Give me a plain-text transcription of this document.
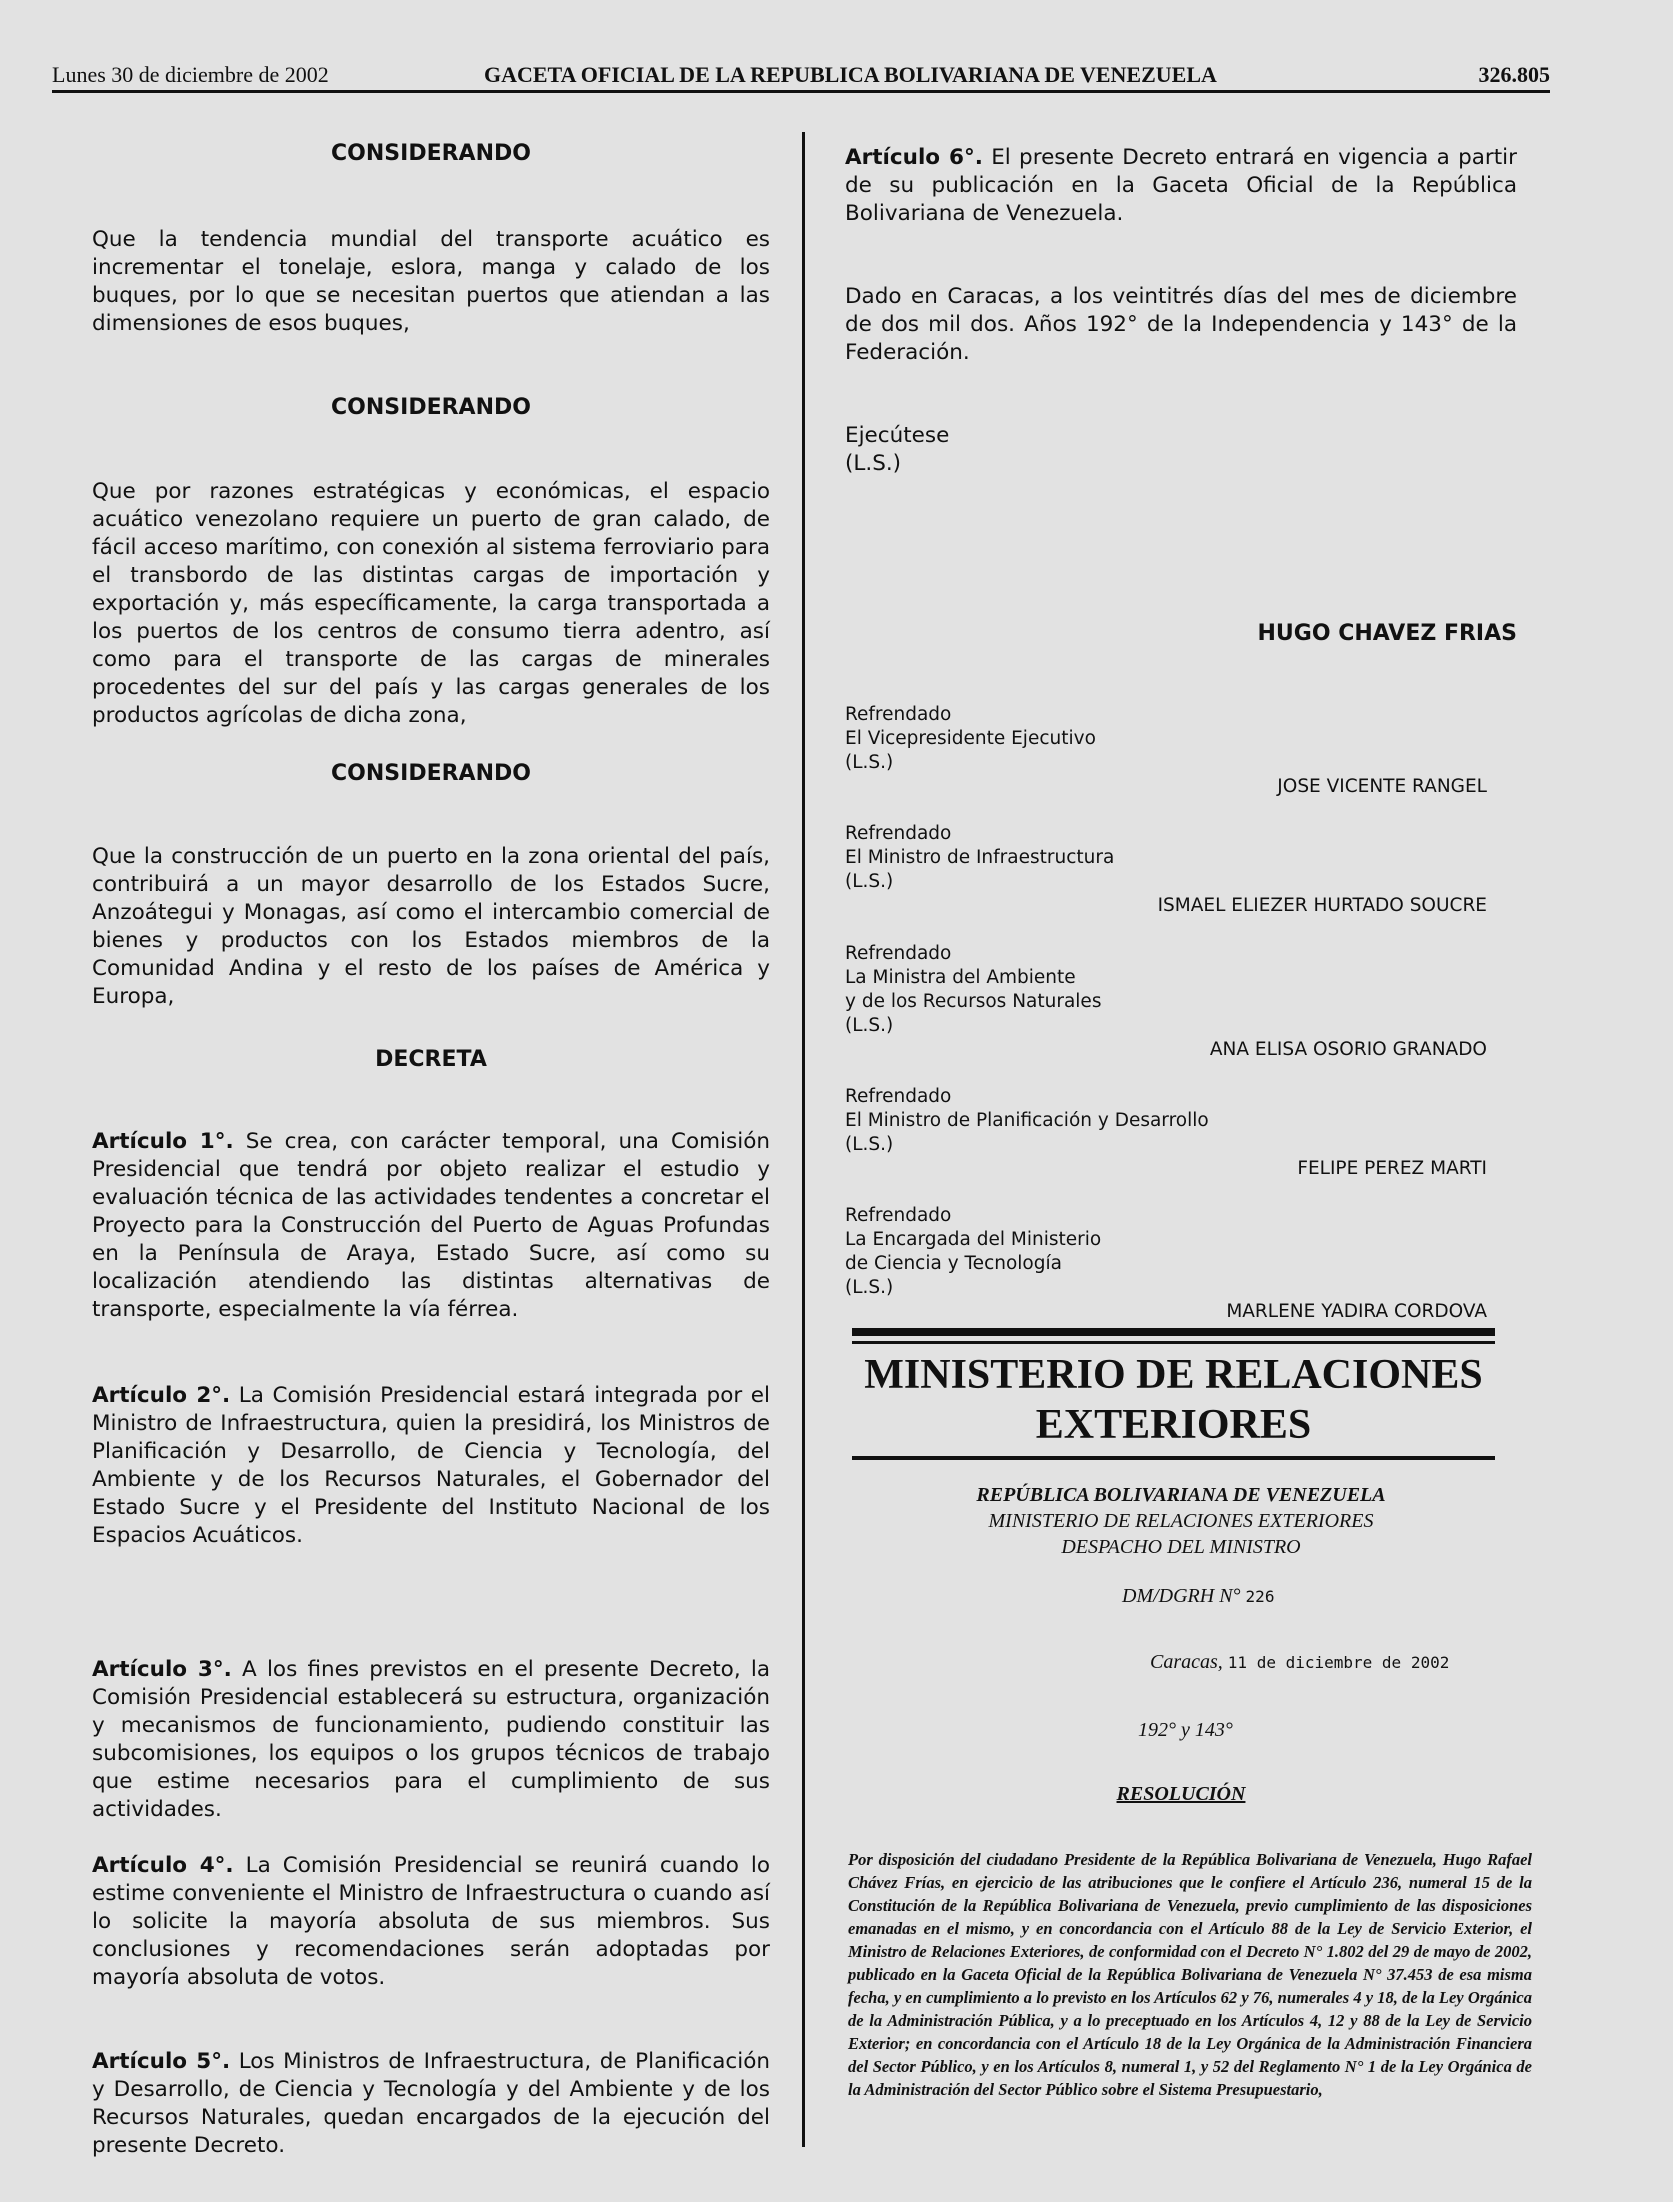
Lunes 30 de diciembre de 2002	GACETA OFICIAL DE LA REPUBLICA BOLIVARIANA DE VENEZUELA	326.805

CONSIDERANDO

Que la tendencia mundial del transporte acuático es incrementar el tonelaje, eslora, manga y calado de los buques, por lo que se necesitan puertos que atiendan a las dimensiones de esos buques,

CONSIDERANDO

Que por razones estratégicas y económicas, el espacio acuático venezolano requiere un puerto de gran calado, de fácil acceso marítimo, con conexión al sistema ferroviario para el transbordo de las distintas cargas de importación y exportación y, más específicamente, la carga transportada a los puertos de los centros de consumo tierra adentro, así como para el transporte de las cargas de minerales procedentes del sur del país y las cargas generales de los productos agrícolas de dicha zona,

CONSIDERANDO

Que la construcción de un puerto en la zona oriental del país, contribuirá a un mayor desarrollo de los Estados Sucre, Anzoátegui y Monagas, así como el intercambio comercial de bienes y productos con los Estados miembros de la Comunidad Andina y el resto de los países de América y Europa,

DECRETA

Artículo 1°. Se crea, con carácter temporal, una Comisión Presidencial que tendrá por objeto realizar el estudio y evaluación técnica de las actividades tendentes a concretar el Proyecto para la Construcción del Puerto de Aguas Profundas en la Península de Araya, Estado Sucre, así como su localización atendiendo las distintas alternativas de transporte, especialmente la vía férrea.

Artículo 2°. La Comisión Presidencial estará integrada por el Ministro de Infraestructura, quien la presidirá, los Ministros de Planificación y Desarrollo, de Ciencia y Tecnología, del Ambiente y de los Recursos Naturales, el Gobernador del Estado Sucre y el Presidente del Instituto Nacional de los Espacios Acuáticos.

Artículo 3°. A los fines previstos en el presente Decreto, la Comisión Presidencial establecerá su estructura, organización y mecanismos de funcionamiento, pudiendo constituir las subcomisiones, los equipos o los grupos técnicos de trabajo que estime necesarios para el cumplimiento de sus actividades.

Artículo 4°. La Comisión Presidencial se reunirá cuando lo estime conveniente el Ministro de Infraestructura o cuando así lo solicite la mayoría absoluta de sus miembros. Sus conclusiones y recomendaciones serán adoptadas por mayoría absoluta de votos.

Artículo 5°. Los Ministros de Infraestructura, de Planificación y Desarrollo, de Ciencia y Tecnología y del Ambiente y de los Recursos Naturales, quedan encargados de la ejecución del presente Decreto.

Artículo 6°. El presente Decreto entrará en vigencia a partir de su publicación en la Gaceta Oficial de la República Bolivariana de Venezuela.

Dado en Caracas, a los veintitrés días del mes de diciembre de dos mil dos. Años 192° de la Independencia y 143° de la Federación.

Ejecútese

(L.S.)

HUGO CHAVEZ FRIAS

Refrendado

El Vicepresidente Ejecutivo

(L.S.)

JOSE VICENTE RANGEL

Refrendado

El Ministro de Infraestructura

(L.S.)

ISMAEL ELIEZER HURTADO SOUCRE

Refrendado

La Ministra del Ambiente

y de los Recursos Naturales

(L.S.)

ANA ELISA OSORIO GRANADO

Refrendado

El Ministro de Planificación y Desarrollo

(L.S.)

FELIPE PEREZ MARTI

Refrendado

La Encargada del Ministerio

de Ciencia y Tecnología

(L.S.)

MARLENE YADIRA CORDOVA

MINISTERIO DE RELACIONES
EXTERIORES

REPÚBLICA BOLIVARIANA DE VENEZUELA

MINISTERIO DE RELACIONES EXTERIORES

DESPACHO DEL MINISTRO

DM/DGRH N° 226

Caracas, 11 de diciembre de 2002

192° y 143°

RESOLUCIÓN

Por disposición del ciudadano Presidente de la República Bolivariana de Venezuela, Hugo Rafael Chávez Frías, en ejercicio de las atribuciones que le confiere el Artículo 236, numeral 15 de la Constitución de la República Bolivariana de Venezuela, previo cumplimiento de las disposiciones emanadas en el mismo, y en concordancia con el Artículo 88 de la Ley de Servicio Exterior, el Ministro de Relaciones Exteriores, de conformidad con el Decreto N° 1.802 del 29 de mayo de 2002, publicado en la Gaceta Oficial de la República Bolivariana de Venezuela N° 37.453 de esa misma fecha, y en cumplimiento a lo previsto en los Artículos 62 y 76, numerales 4 y 18, de la Ley Orgánica de la Administración Pública, y a lo preceptuado en los Artículos 4, 12 y 88 de la Ley de Servicio Exterior; en concordancia con el Artículo 18 de la Ley Orgánica de la Administración Financiera del Sector Público, y en los Artículos 8, numeral 1, y 52 del Reglamento N° 1 de la Ley Orgánica de la Administración del Sector Público sobre el Sistema Presupuestario,
